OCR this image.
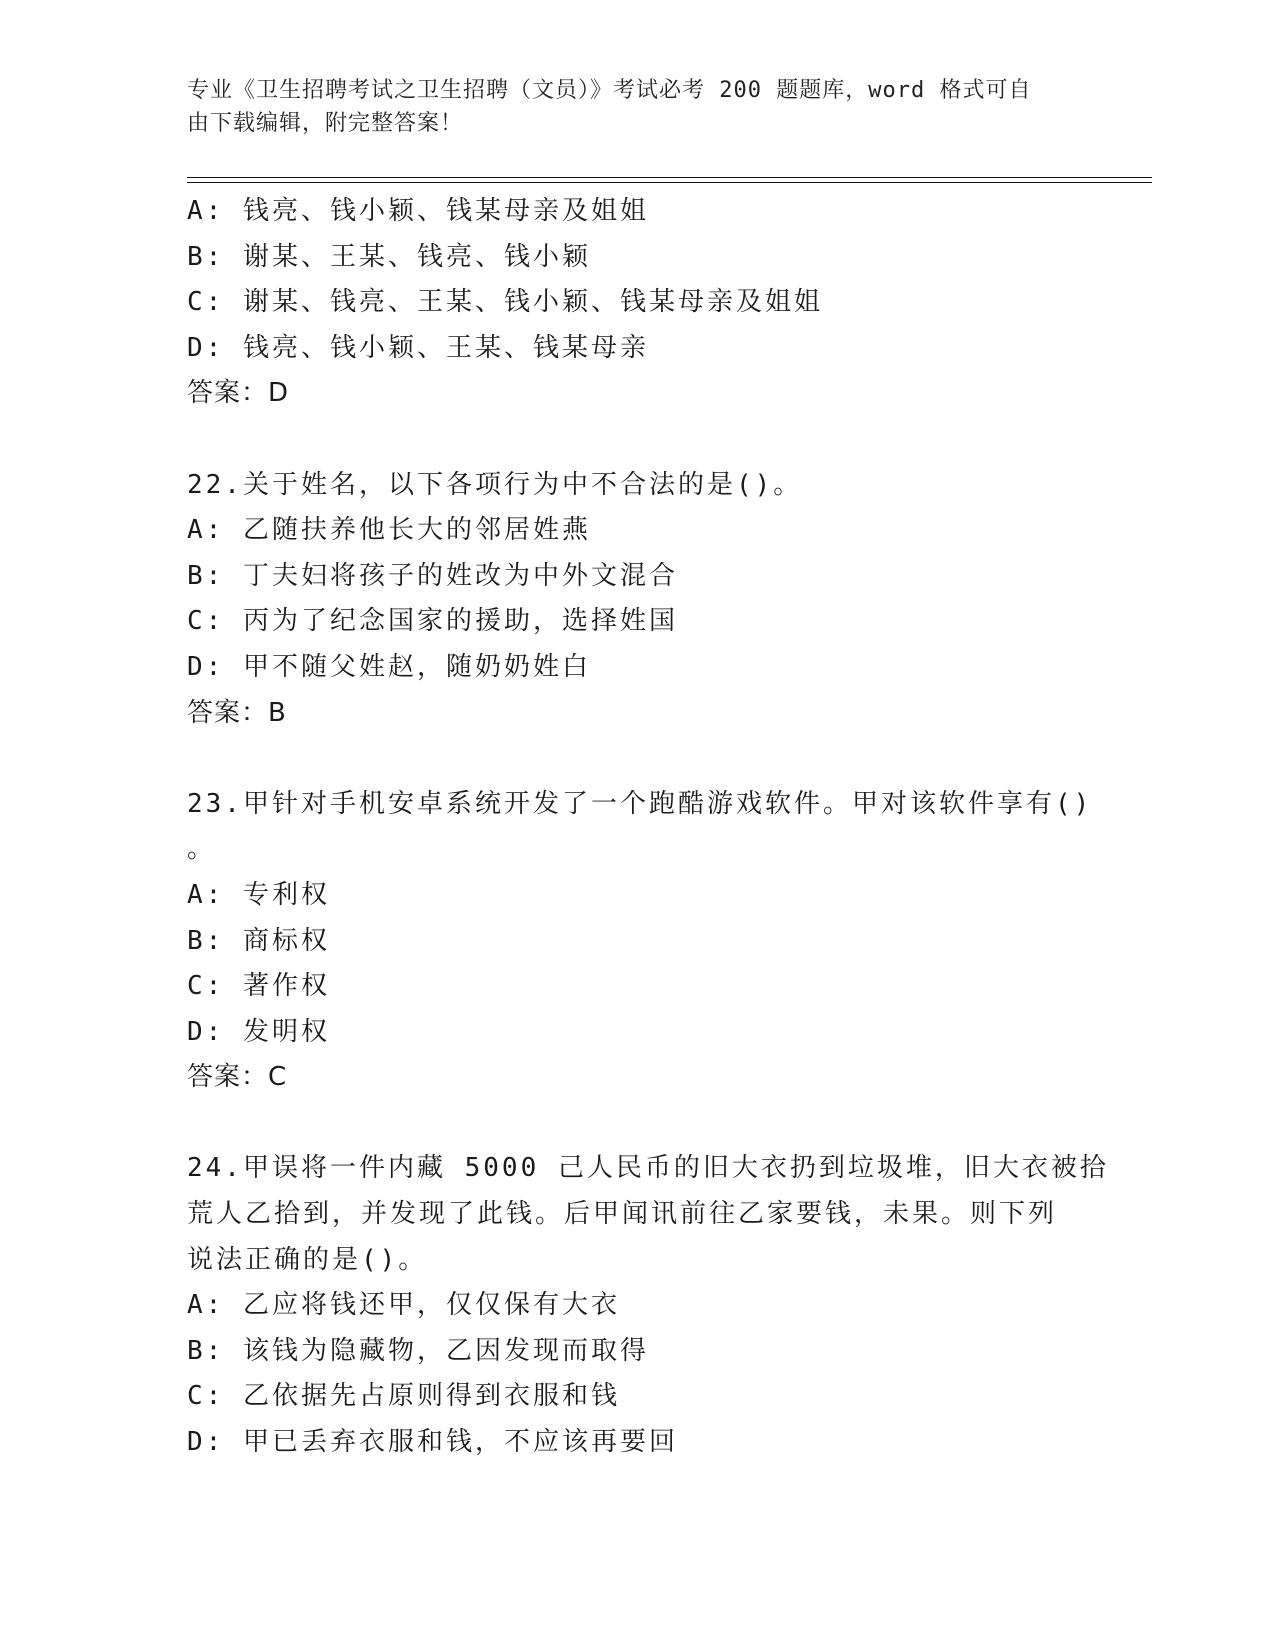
专业《卫生招聘考试之卫生招聘（文员）》考试必考 200 题题库，word 格式可自
由下载编辑，附完整答案！
A: 钱亮、钱小颖、钱某母亲及姐姐
B: 谢某、王某、钱亮、钱小颖
C: 谢某、钱亮、王某、钱小颖、钱某母亲及姐姐
D: 钱亮、钱小颖、王某、钱某母亲
答案：D
22.关于姓名，以下各项行为中不合法的是()。
A: 乙随扶养他长大的邻居姓燕
B: 丁夫妇将孩子的姓改为中外文混合
C: 丙为了纪念国家的援助，选择姓国
D: 甲不随父姓赵，随奶奶姓白
答案：B
23.甲针对手机安卓系统开发了一个跑酷游戏软件。甲对该软件享有()
。
A: 专利权
B: 商标权
C: 著作权
D: 发明权
答案：C
24.甲误将一件内藏 5000 己人民币的旧大衣扔到垃圾堆，旧大衣被拾
荒人乙拾到，并发现了此钱。后甲闻讯前往乙家要钱，未果。则下列
说法正确的是()。
A: 乙应将钱还甲，仅仅保有大衣
B: 该钱为隐藏物，乙因发现而取得
C: 乙依据先占原则得到衣服和钱
D: 甲已丢弃衣服和钱，不应该再要回
